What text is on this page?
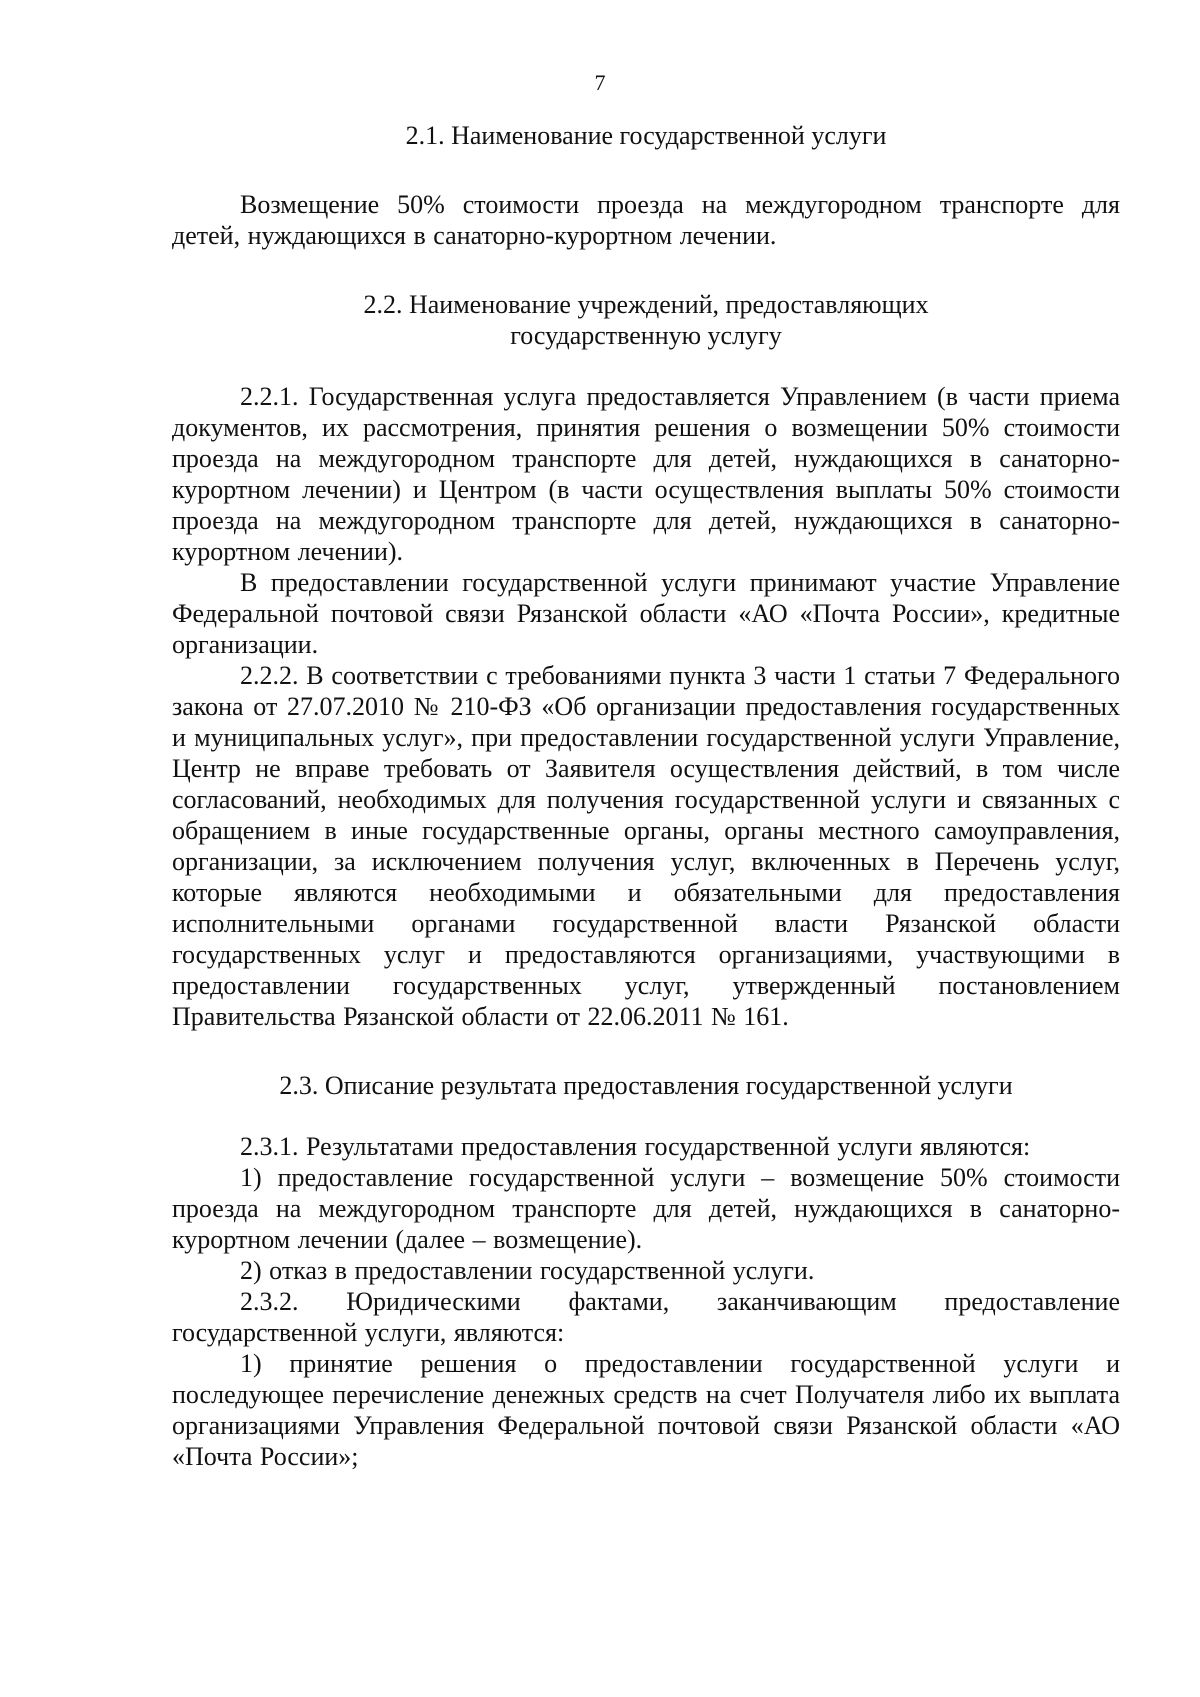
7

2.1. Наименование государственной услуги

Возмещение 50% стоимости проезда на междугородном транспорте для детей, нуждающихся в санаторно-курортном лечении.

2.2. Наименование учреждений, предоставляющих

государственную услугу

2.2.1. Государственная услуга предоставляется Управлением (в части приема документов, их рассмотрения, принятия решения о возмещении 50% стоимости проезда на междугородном транспорте для детей, нуждающихся в санаторно-курортном лечении) и Центром (в части осуществления выплаты 50% стоимости проезда на междугородном транспорте для детей, нуждающихся в санаторно-курортном лечении).

В предоставлении государственной услуги принимают участие Управление Федеральной почтовой связи Рязанской области «АО «Почта России», кредитные организации.

2.2.2. В соответствии с требованиями пункта 3 части 1 статьи 7 Федерального закона от 27.07.2010 № 210-ФЗ «Об организации предоставления государственных и муниципальных услуг», при предоставлении государственной услуги Управление, Центр не вправе требовать от Заявителя осуществления действий, в том числе согласований, необходимых для получения государственной услуги и связанных с обращением в иные государственные органы, органы местного самоуправления, организации, за исключением получения услуг, включенных в Перечень услуг, которые являются необходимыми и обязательными для предоставления исполнительными органами государственной власти Рязанской области государственных услуг и предоставляются организациями, участвующими в предоставлении государственных услуг, утвержденный постановлением Правительства Рязанской области от 22.06.2011 № 161.

2.3. Описание результата предоставления государственной услуги

2.3.1. Результатами предоставления государственной услуги являются:

1) предоставление государственной услуги – возмещение 50% стоимости проезда на междугородном транспорте для детей, нуждающихся в санаторно-курортном лечении (далее – возмещение).

2) отказ в предоставлении государственной услуги.

2.3.2. Юридическими фактами, заканчивающим предоставление государственной услуги, являются:

1) принятие решения о предоставлении государственной услуги и последующее перечисление денежных средств на счет Получателя либо их выплата организациями Управления Федеральной почтовой связи Рязанской области «АО «Почта России»;
